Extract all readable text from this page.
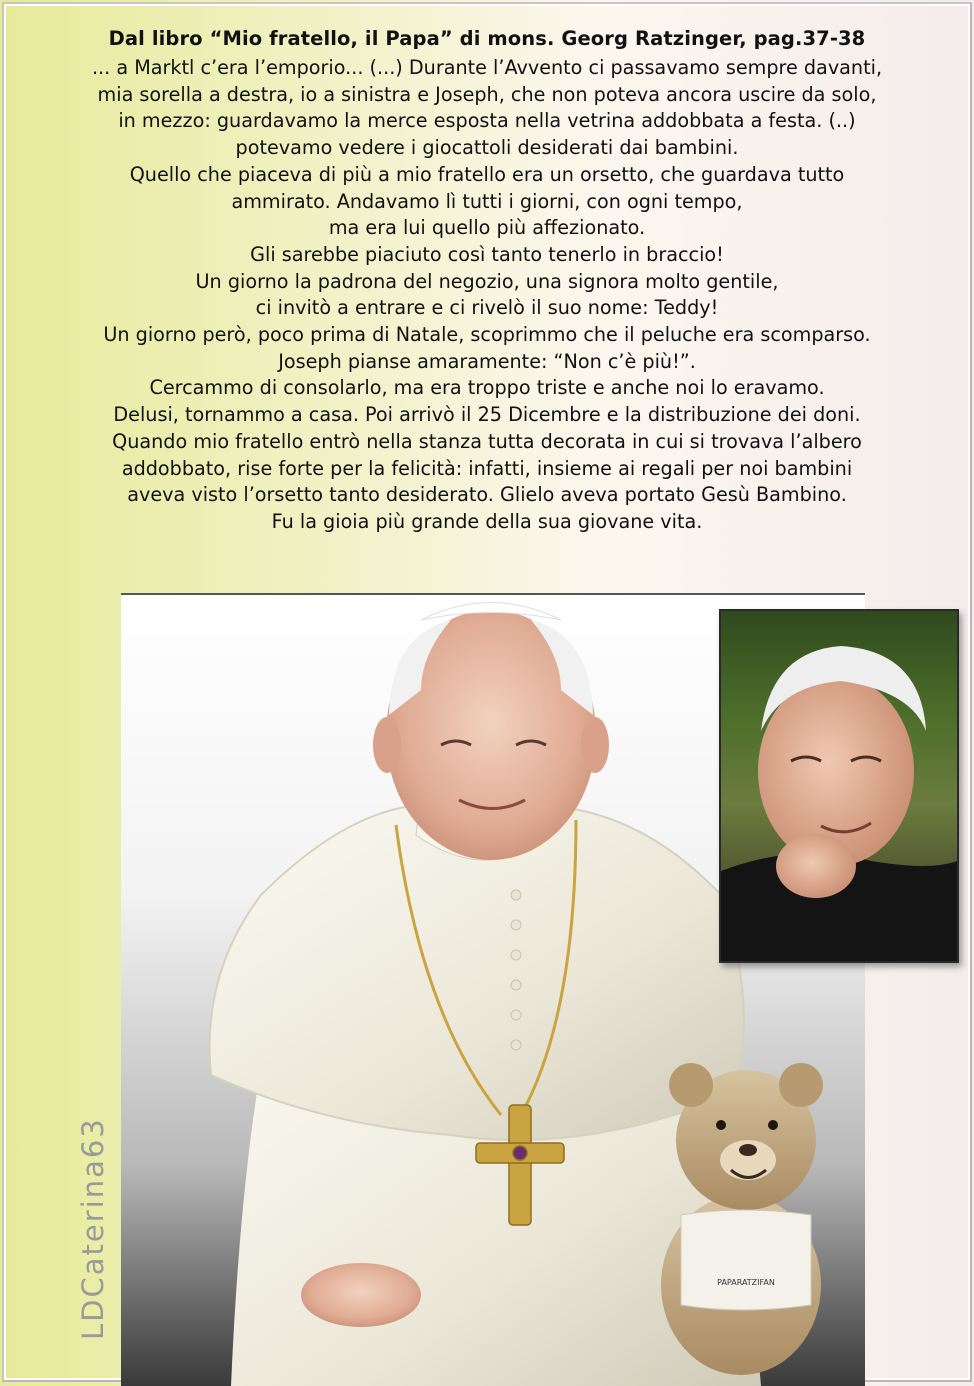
Dal libro “Mio fratello, il Papa” di mons. Georg Ratzinger, pag.37-38
... a Marktl c’era l’emporio... (...) Durante l’Avvento ci passavamo sempre davanti,
mia sorella a destra, io a sinistra e Joseph, che non poteva ancora uscire da solo,
in mezzo: guardavamo la merce esposta nella vetrina addobbata a festa. (..)
potevamo vedere i giocattoli desiderati dai bambini.
Quello che piaceva di più a mio fratello era un orsetto, che guardava tutto
ammirato. Andavamo lì tutti i giorni, con ogni tempo,
ma era lui quello più affezionato.
Gli sarebbe piaciuto così tanto tenerlo in braccio!
Un giorno la padrona del negozio, una signora molto gentile,
ci invitò a entrare e ci rivelò il suo nome: Teddy!
Un giorno però, poco prima di Natale, scoprimmo che il peluche era scomparso.
Joseph pianse amaramente: “Non c’è più!”.
Cercammo di consolarlo, ma era troppo triste e anche noi lo eravamo.
Delusi, tornammo a casa. Poi arrivò il 25 Dicembre e la distribuzione dei doni.
Quando mio fratello entrò nella stanza tutta decorata in cui si trovava l’albero
addobbato, rise forte per la felicità: infatti, insieme ai regali per noi bambini
aveva visto l’orsetto tanto desiderato. Glielo aveva portato Gesù Bambino.
Fu la gioia più grande della sua giovane vita.
PAPARATZIFAN
LDCaterina63
